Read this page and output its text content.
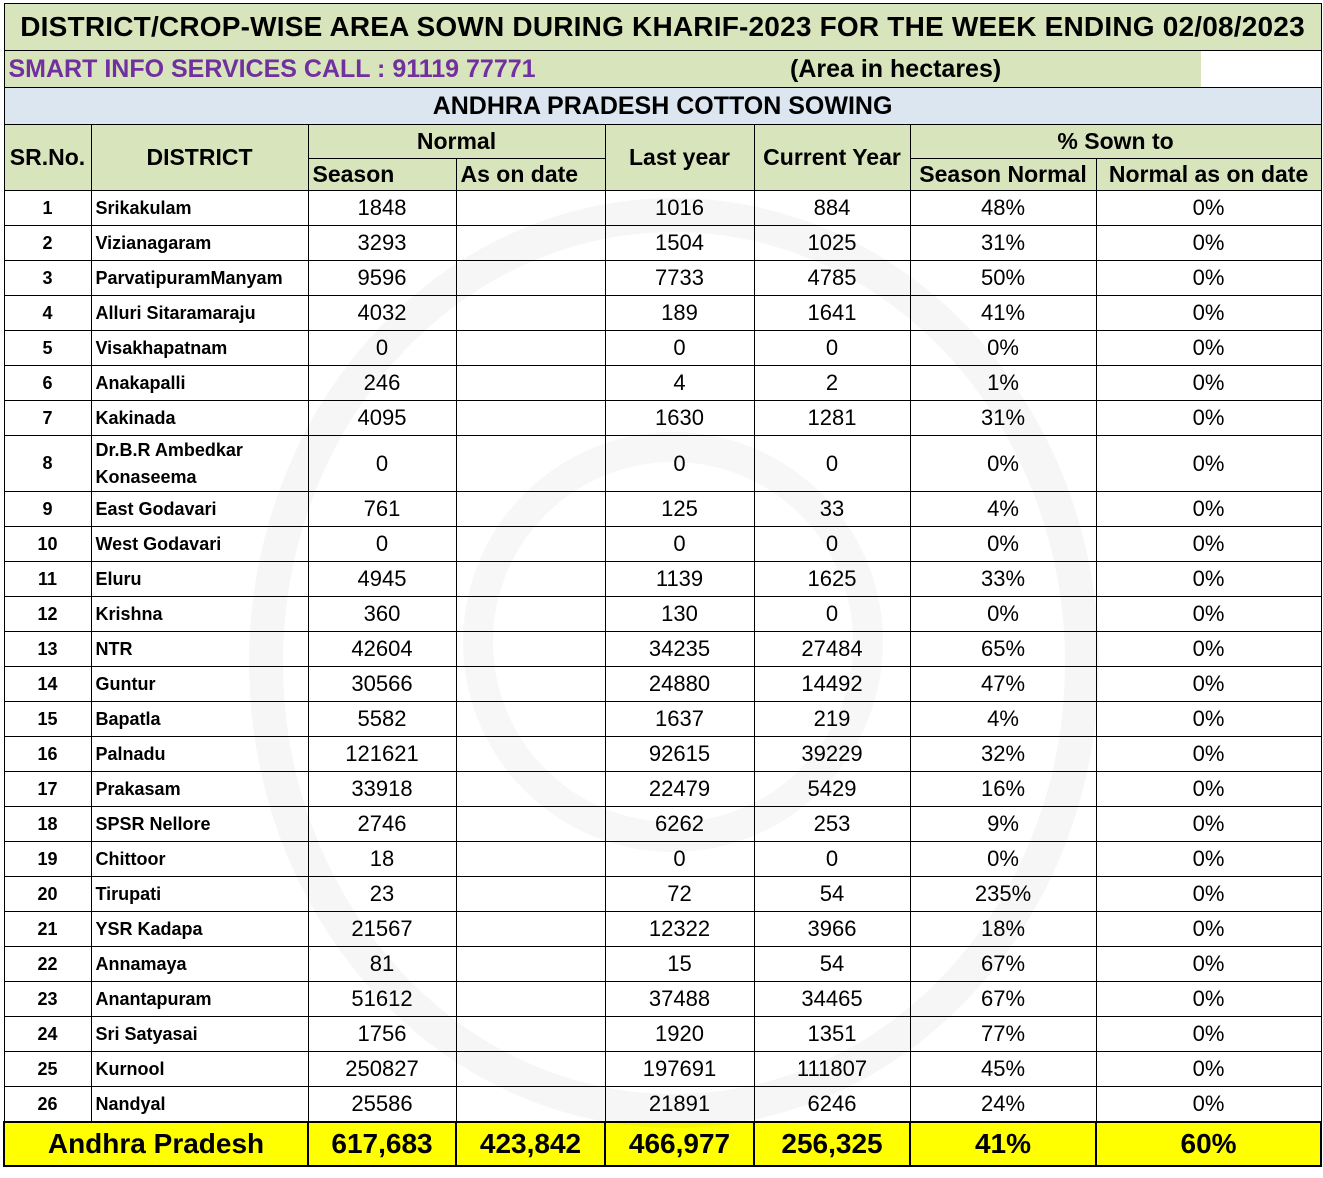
DISTRICT/CROP-WISE AREA SOWN DURING KHARIF-2023 FOR THE WEEK ENDING 02/08/2023
SMART INFO SERVICES CALL : 91119 77771	(Area in hectares)
ANDHRA PRADESH COTTON SOWING
SR.No.	DISTRICT	Normal	Last year	Current Year	% Sown to
Season	As on date	Season Normal	Normal as on date
1	Srikakulam	1848		1016	884	48%	0%
2	Vizianagaram	3293		1504	1025	31%	0%
3	ParvatipuramManyam	9596		7733	4785	50%	0%
4	Alluri Sitaramaraju	4032		189	1641	41%	0%
5	Visakhapatnam	0		0	0	0%	0%
6	Anakapalli	246		4	2	1%	0%
7	Kakinada	4095		1630	1281	31%	0%
8	Dr.B.R Ambedkar Konaseema	0		0	0	0%	0%
9	East Godavari	761		125	33	4%	0%
10	West Godavari	0		0	0	0%	0%
11	Eluru	4945		1139	1625	33%	0%
12	Krishna	360		130	0	0%	0%
13	NTR	42604		34235	27484	65%	0%
14	Guntur	30566		24880	14492	47%	0%
15	Bapatla	5582		1637	219	4%	0%
16	Palnadu	121621		92615	39229	32%	0%
17	Prakasam	33918		22479	5429	16%	0%
18	SPSR Nellore	2746		6262	253	9%	0%
19	Chittoor	18		0	0	0%	0%
20	Tirupati	23		72	54	235%	0%
21	YSR Kadapa	21567		12322	3966	18%	0%
22	Annamaya	81		15	54	67%	0%
23	Anantapuram	51612		37488	34465	67%	0%
24	Sri Satyasai	1756		1920	1351	77%	0%
25	Kurnool	250827		197691	111807	45%	0%
26	Nandyal	25586		21891	6246	24%	0%
Andhra Pradesh	617,683	423,842	466,977	256,325	41%	60%
